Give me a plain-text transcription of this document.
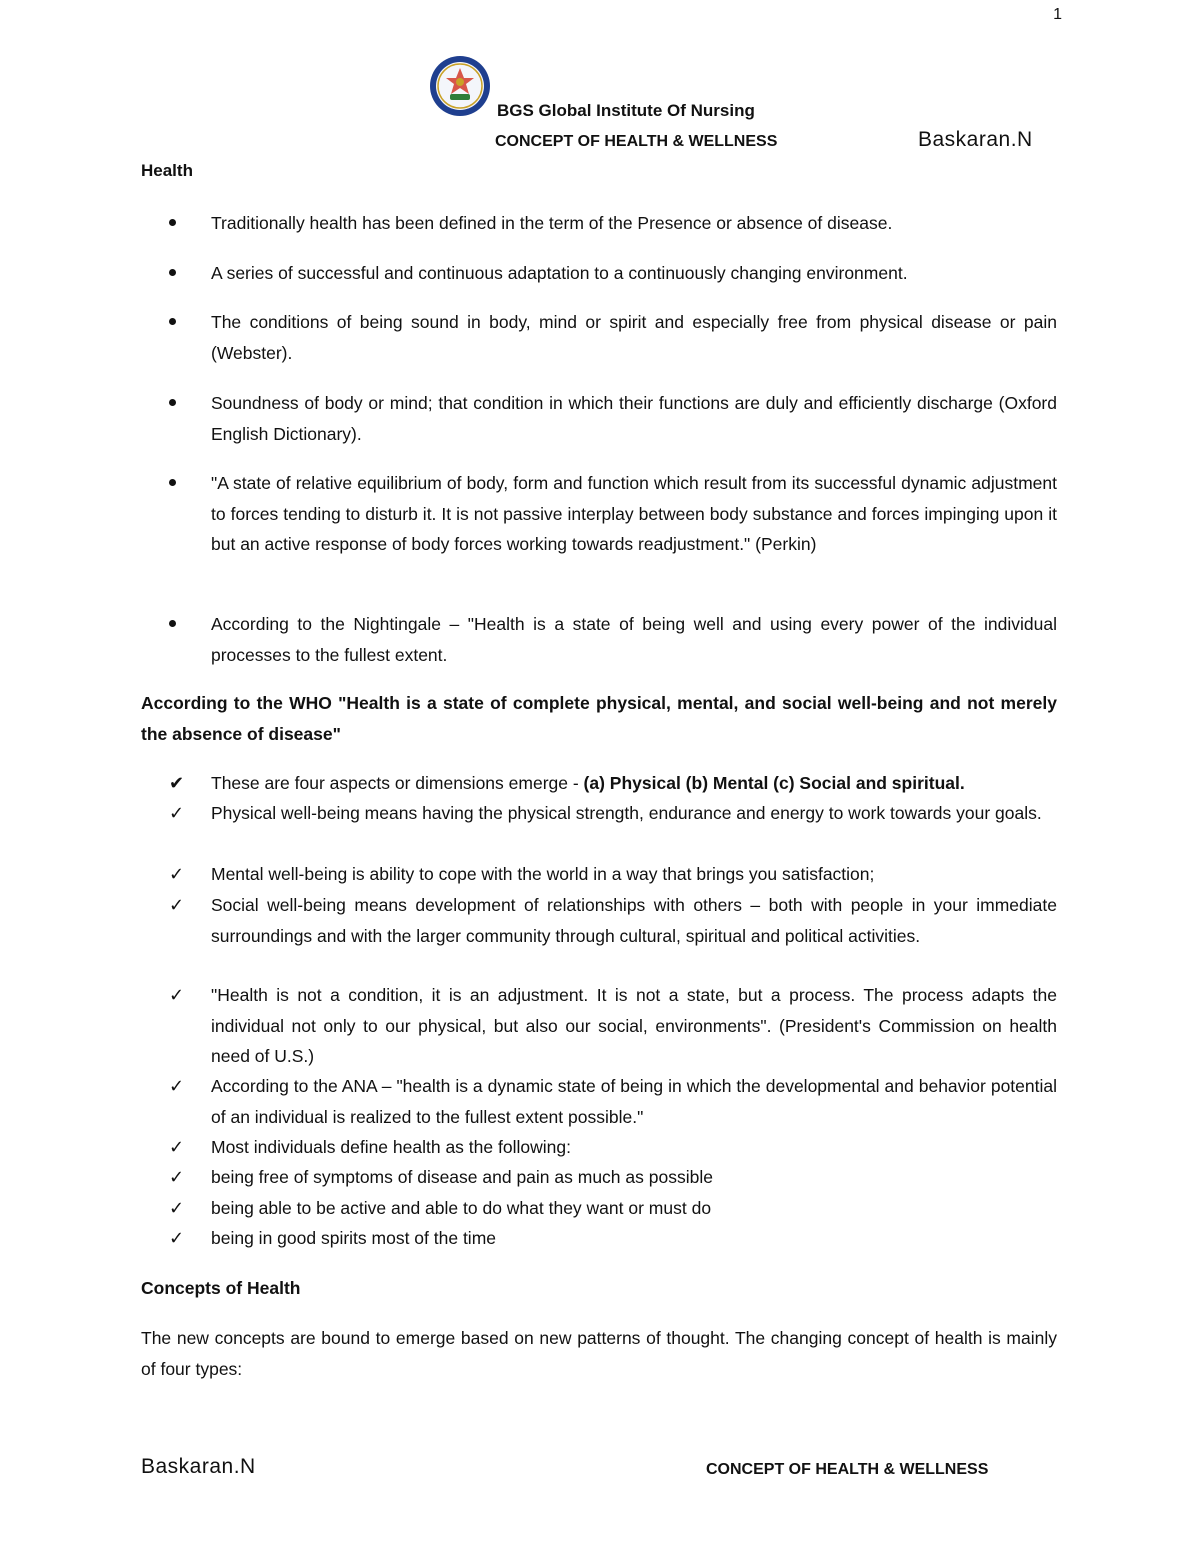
1
BGS Global Institute Of Nursing
CONCEPT OF HEALTH & WELLNESS	Baskaran.N
Health
Traditionally health has been defined in the term of the Presence or absence of disease.
A series of successful and continuous adaptation to a continuously changing environment.
The conditions of being sound in body, mind or spirit and especially free from physical disease or pain (Webster).
Soundness of body or mind; that condition in which their functions are duly and efficiently discharge (Oxford English Dictionary).
"A state of relative equilibrium of body, form and function which result from its successful dynamic adjustment to forces tending to disturb it. It is not passive interplay between body substance and forces impinging upon it but an active response of body forces working towards readjustment." (Perkin)
According to the Nightingale – "Health is a state of being well and using every power of the individual processes to the fullest extent.
According to the WHO "Health is a state of complete physical, mental, and social well-being and not merely the absence of disease"
✔ These are four aspects or dimensions emerge - (a) Physical (b) Mental (c) Social and spiritual.
✓ Physical well-being means having the physical strength, endurance and energy to work towards your goals.
✓ Mental well-being is ability to cope with the world in a way that brings you satisfaction;
✓ Social well-being means development of relationships with others – both with people in your immediate surroundings and with the larger community through cultural, spiritual and political activities.
✓ "Health is not a condition, it is an adjustment. It is not a state, but a process. The process adapts the individual not only to our physical, but also our social, environments". (President's Commission on health need of U.S.)
✓ According to the ANA – "health is a dynamic state of being in which the developmental and behavior potential of an individual is realized to the fullest extent possible."
✓ Most individuals define health as the following:
✓ being free of symptoms of disease and pain as much as possible
✓ being able to be active and able to do what they want or must do
✓ being in good spirits most of the time
Concepts of Health
The new concepts are bound to emerge based on new patterns of thought. The changing concept of health is mainly of four types:
Baskaran.N	CONCEPT OF HEALTH & WELLNESS
